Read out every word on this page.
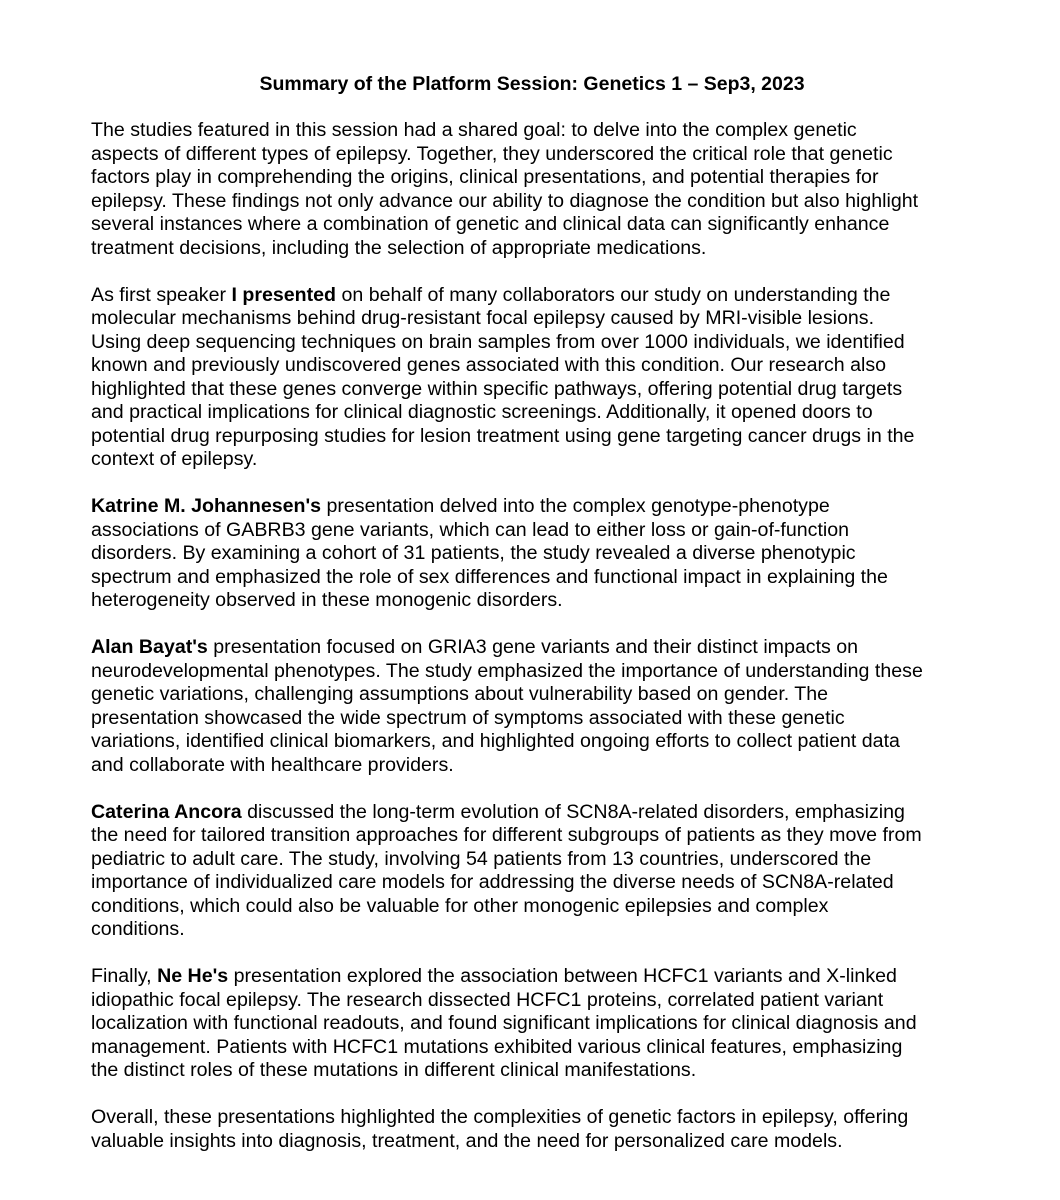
Summary of the Platform Session: Genetics 1 – Sep3, 2023

The studies featured in this session had a shared goal: to delve into the complex genetic
aspects of different types of epilepsy. Together, they underscored the critical role that genetic
factors play in comprehending the origins, clinical presentations, and potential therapies for
epilepsy. These findings not only advance our ability to diagnose the condition but also highlight
several instances where a combination of genetic and clinical data can significantly enhance
treatment decisions, including the selection of appropriate medications.

As first speaker I presented on behalf of many collaborators our study on understanding the
molecular mechanisms behind drug-resistant focal epilepsy caused by MRI-visible lesions.
Using deep sequencing techniques on brain samples from over 1000 individuals, we identified
known and previously undiscovered genes associated with this condition. Our research also
highlighted that these genes converge within specific pathways, offering potential drug targets
and practical implications for clinical diagnostic screenings. Additionally, it opened doors to
potential drug repurposing studies for lesion treatment using gene targeting cancer drugs in the
context of epilepsy.

Katrine M. Johannesen's presentation delved into the complex genotype-phenotype
associations of GABRB3 gene variants, which can lead to either loss or gain-of-function
disorders. By examining a cohort of 31 patients, the study revealed a diverse phenotypic
spectrum and emphasized the role of sex differences and functional impact in explaining the
heterogeneity observed in these monogenic disorders.

Alan Bayat's presentation focused on GRIA3 gene variants and their distinct impacts on
neurodevelopmental phenotypes. The study emphasized the importance of understanding these
genetic variations, challenging assumptions about vulnerability based on gender. The
presentation showcased the wide spectrum of symptoms associated with these genetic
variations, identified clinical biomarkers, and highlighted ongoing efforts to collect patient data
and collaborate with healthcare providers.

Caterina Ancora discussed the long-term evolution of SCN8A-related disorders, emphasizing
the need for tailored transition approaches for different subgroups of patients as they move from
pediatric to adult care. The study, involving 54 patients from 13 countries, underscored the
importance of individualized care models for addressing the diverse needs of SCN8A-related
conditions, which could also be valuable for other monogenic epilepsies and complex
conditions.

Finally, Ne He's presentation explored the association between HCFC1 variants and X-linked
idiopathic focal epilepsy. The research dissected HCFC1 proteins, correlated patient variant
localization with functional readouts, and found significant implications for clinical diagnosis and
management. Patients with HCFC1 mutations exhibited various clinical features, emphasizing
the distinct roles of these mutations in different clinical manifestations.

Overall, these presentations highlighted the complexities of genetic factors in epilepsy, offering
valuable insights into diagnosis, treatment, and the need for personalized care models.
